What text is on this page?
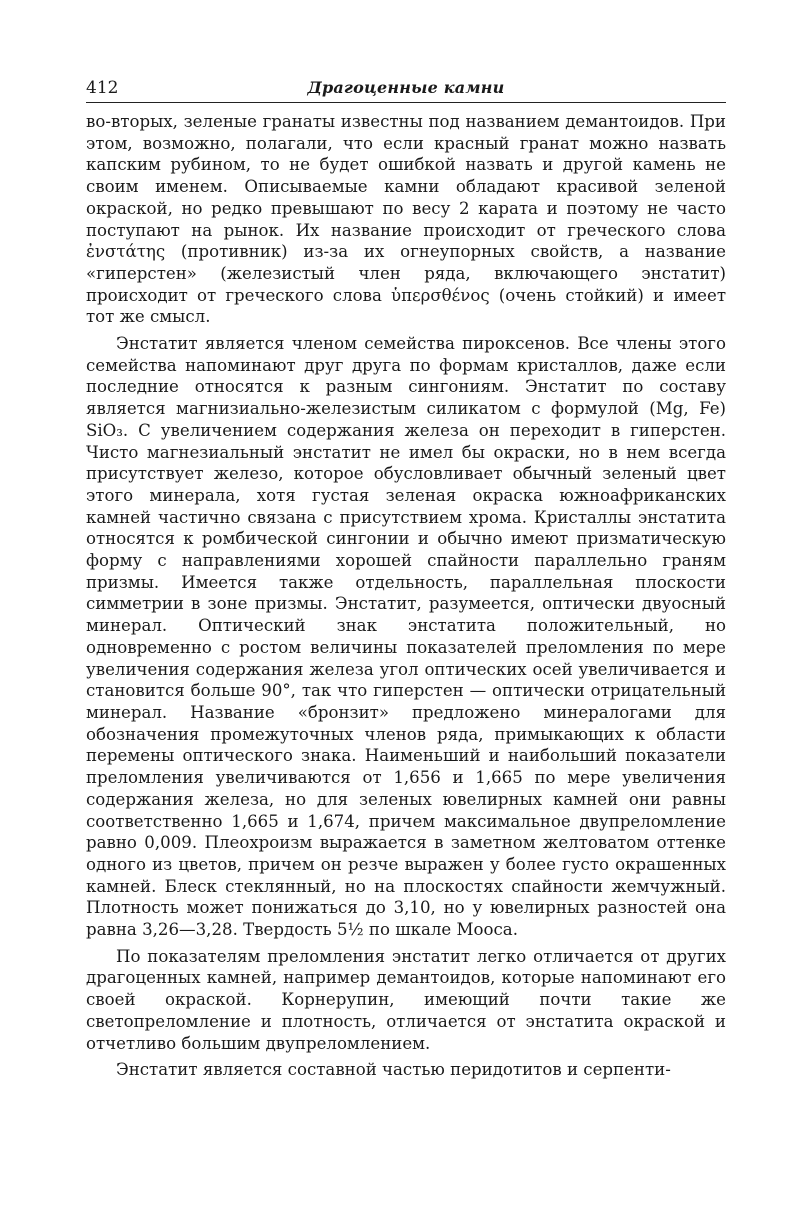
412	Драгоценные камни

во-вторых, зеленые гранаты известны под названием демантоидов. При этом, возможно, полагали, что если красный гранат можно назвать капским рубином, то не будет ошибкой назвать и другой камень не своим именем. Описываемые камни обладают красивой зеленой окраской, но редко превышают по весу 2 карата и поэтому не часто поступают на рынок. Их название происходит от греческого слова ἐνστάτης (противник) из-за их огнеупорных свойств, а название «гиперстен» (железистый член ряда, включающего энстатит) происходит от греческого слова ὑπερσθένος (очень стойкий) и имеет тот же смысл.

Энстатит является членом семейства пироксенов. Все члены этого семейства напоминают друг друга по формам кристаллов, даже если последние относятся к разным сингониям. Энстатит по составу является магнизиально-железистым силикатом с формулой (Mg, Fe) SiO₃. С увеличением содержания железа он переходит в гиперстен. Чисто магнезиальный энстатит не имел бы окраски, но в нем всегда присутствует железо, которое обусловливает обычный зеленый цвет этого минерала, хотя густая зеленая окраска южноафриканских камней частично связана с присутствием хрома. Кристаллы энстатита относятся к ромбической сингонии и обычно имеют призматическую форму с направлениями хорошей спайности параллельно граням призмы. Имеется также отдельность, параллельная плоскости симметрии в зоне призмы. Энстатит, разумеется, оптически двуосный минерал. Оптический знак энстатита положительный, но одновременно с ростом величины показателей преломления по мере увеличения содержания железа угол оптических осей увеличивается и становится больше 90°, так что гиперстен — оптически отрицательный минерал. Название «бронзит» предложено минералогами для обозначения промежуточных членов ряда, примыкающих к области перемены оптического знака. Наименьший и наибольший показатели преломления увеличиваются от 1,656 и 1,665 по мере увеличения содержания железа, но для зеленых ювелирных камней они равны соответственно 1,665 и 1,674, причем максимальное двупреломление равно 0,009. Плеохроизм выражается в заметном желтоватом оттенке одного из цветов, причем он резче выражен у более густо окрашенных камней. Блеск стеклянный, но на плоскостях спайности жемчужный. Плотность может понижаться до 3,10, но у ювелирных разностей она равна 3,26—3,28. Твердость 5½ по шкале Мооса.

По показателям преломления энстатит легко отличается от других драгоценных камней, например демантоидов, которые напоминают его своей окраской. Корнерупин, имеющий почти такие же светопреломление и плотность, отличается от энстатита окраской и отчетливо большим двупреломлением.

Энстатит является составной частью перидотитов и серпенти-
